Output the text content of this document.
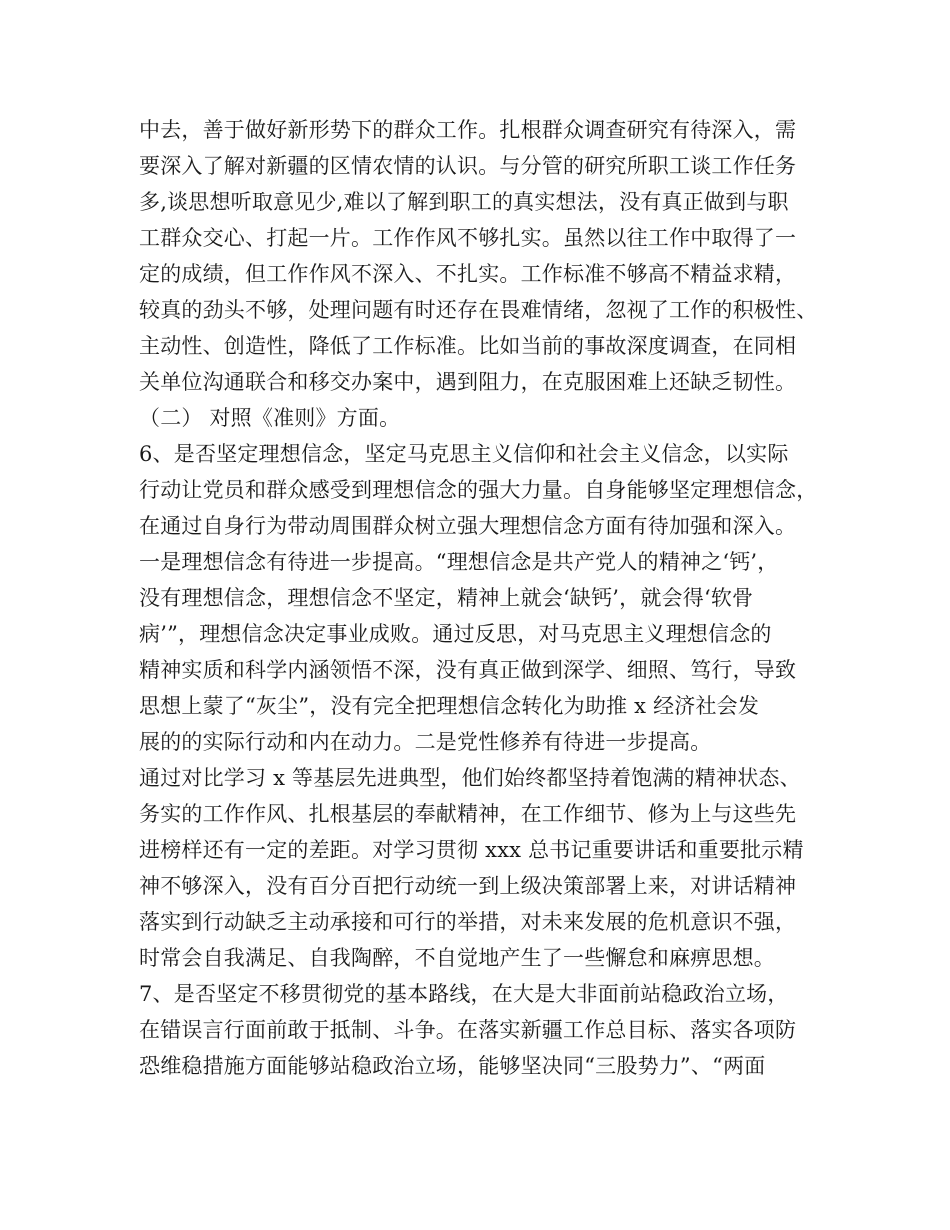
中去，善于做好新形势下的群众工作。扎根群众调查研究有待深入，需
要深入了解对新疆的区情农情的认识。与分管的研究所职工谈工作任务
多,谈思想听取意见少,难以了解到职工的真实想法，没有真正做到与职
工群众交心、打起一片。工作作风不够扎实。虽然以往工作中取得了一
定的成绩，但工作作风不深入、不扎实。工作标准不够高不精益求精，
较真的劲头不够，处理问题有时还存在畏难情绪，忽视了工作的积极性、
主动性、创造性，降低了工作标准。比如当前的事故深度调查，在同相
关单位沟通联合和移交办案中，遇到阻力，在克服困难上还缺乏韧性。
（二） 对照《准则》方面。
6、是否坚定理想信念，坚定马克思主义信仰和社会主义信念，以实际
行动让党员和群众感受到理想信念的强大力量。自身能够坚定理想信念，
在通过自身行为带动周围群众树立强大理想信念方面有待加强和深入。
一是理想信念有待进一步提高。“理想信念是共产党人的精神之‘钙’，
没有理想信念，理想信念不坚定，精神上就会‘缺钙’，就会得‘软骨
病’”，理想信念决定事业成败。通过反思，对马克思主义理想信念的
精神实质和科学内涵领悟不深，没有真正做到深学、细照、笃行，导致
思想上蒙了“灰尘”，没有完全把理想信念转化为助推 x 经济社会发
展的的实际行动和内在动力。二是党性修养有待进一步提高。
通过对比学习 x 等基层先进典型，他们始终都坚持着饱满的精神状态、
务实的工作作风、扎根基层的奉献精神，在工作细节、修为上与这些先
进榜样还有一定的差距。对学习贯彻 xxx 总书记重要讲话和重要批示精
神不够深入，没有百分百把行动统一到上级决策部署上来，对讲话精神
落实到行动缺乏主动承接和可行的举措，对未来发展的危机意识不强，
时常会自我满足、自我陶醉，不自觉地产生了一些懈怠和麻痹思想。
7、是否坚定不移贯彻党的基本路线，在大是大非面前站稳政治立场，
在错误言行面前敢于抵制、斗争。在落实新疆工作总目标、落实各项防
恐维稳措施方面能够站稳政治立场，能够坚决同“三股势力”、“两面
